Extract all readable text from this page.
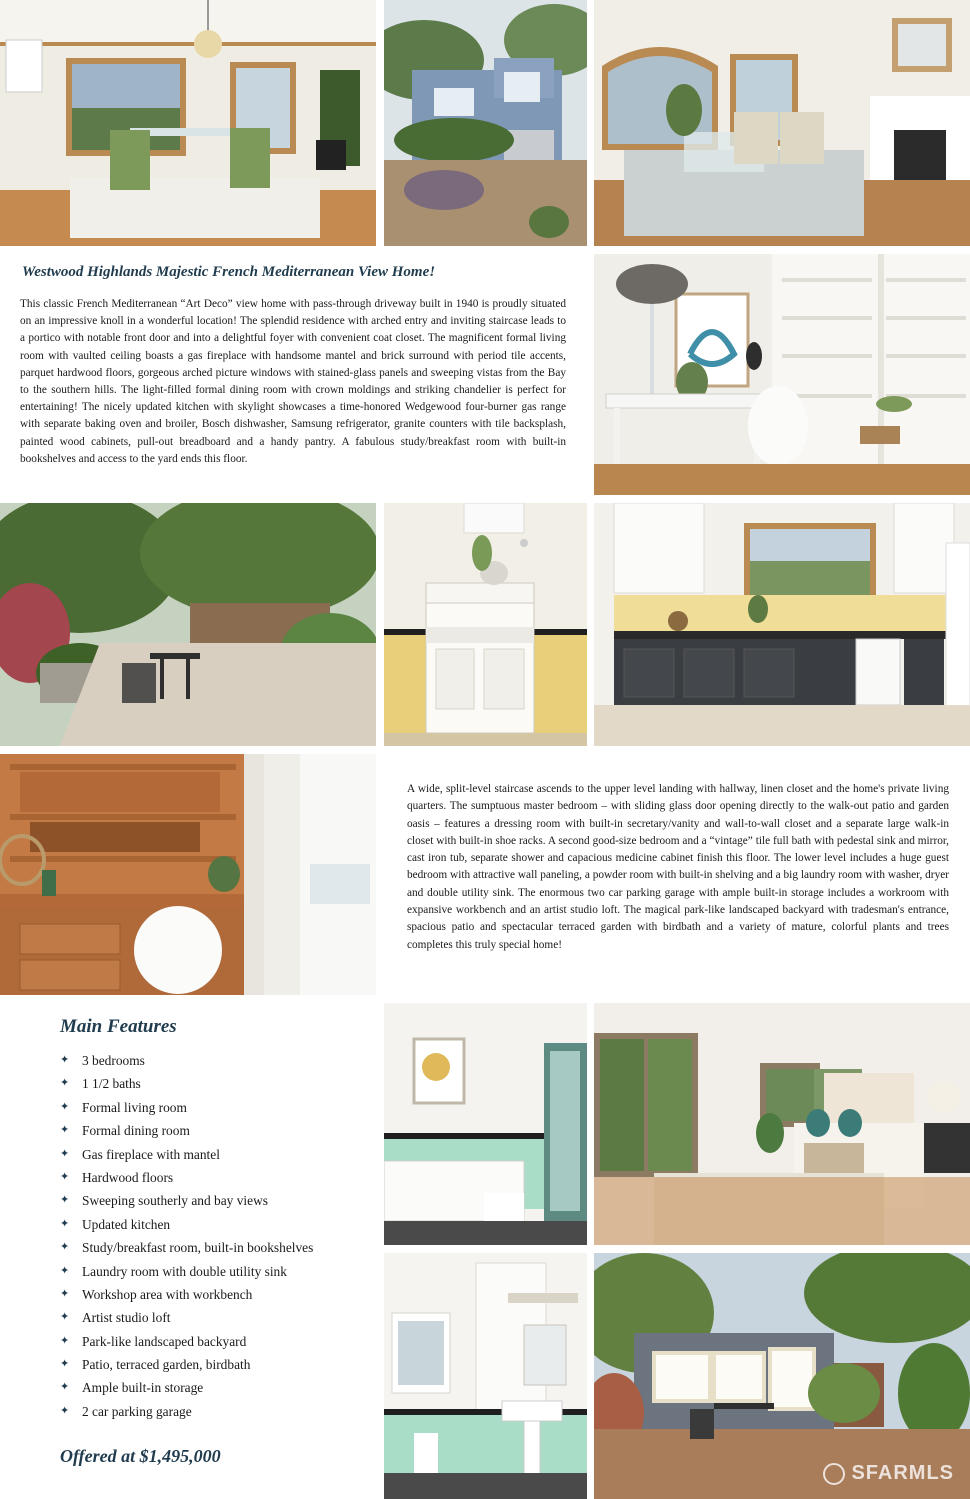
Westwood Highlands Majestic French Mediterranean View Home!

This classic French Mediterranean “Art Deco” view home with pass-through driveway built in 1940 is proudly situated on an impressive knoll in a wonderful location! The splendid residence with arched entry and inviting staircase leads to a portico with notable front door and into a delightful foyer with convenient coat closet. The magnificent formal living room with vaulted ceiling boasts a gas fireplace with handsome mantel and brick surround with period tile accents, parquet hardwood floors, gorgeous arched picture windows with stained-glass panels and sweeping vistas from the Bay to the southern hills. The light-filled formal dining room with crown moldings and striking chandelier is perfect for entertaining! The nicely updated kitchen with skylight showcases a time-honored Wedgewood four-burner gas range with separate baking oven and broiler, Bosch dishwasher, Samsung refrigerator, granite counters with tile backsplash, painted wood cabinets, pull-out breadboard and a handy pantry. A fabulous study/breakfast room with built-in bookshelves and access to the yard ends this floor.

A wide, split-level staircase ascends to the upper level landing with hallway, linen closet and the home's private living quarters. The sumptuous master bedroom – with sliding glass door opening directly to the walk-out patio and garden oasis – features a dressing room with built-in secretary/vanity and wall-to-wall closet and a separate large walk-in closet with built-in shoe racks. A second good-size bedroom and a “vintage” tile full bath with pedestal sink and mirror, cast iron tub, separate shower and capacious medicine cabinet finish this floor. The lower level includes a huge guest bedroom with attractive wall paneling, a powder room with built-in shelving and a big laundry room with washer, dryer and double utility sink. The enormous two car parking garage with ample built-in storage includes a workroom with expansive workbench and an artist studio loft. The magical park-like landscaped backyard with tradesman's entrance, spacious patio and spectacular terraced garden with birdbath and a variety of mature, colorful plants and trees completes this truly special home!

Main Features
✦ 3 bedrooms
✦ 1 1/2 baths
✦ Formal living room
✦ Formal dining room
✦ Gas fireplace with mantel
✦ Hardwood floors
✦ Sweeping southerly and bay views
✦ Updated kitchen
✦ Study/breakfast room, built-in bookshelves
✦ Laundry room with double utility sink
✦ Workshop area with workbench
✦ Artist studio loft
✦ Park-like landscaped backyard
✦ Patio, terraced garden, birdbath
✦ Ample built-in storage
✦ 2 car parking garage

Offered at $1,495,000

SFARMLS
